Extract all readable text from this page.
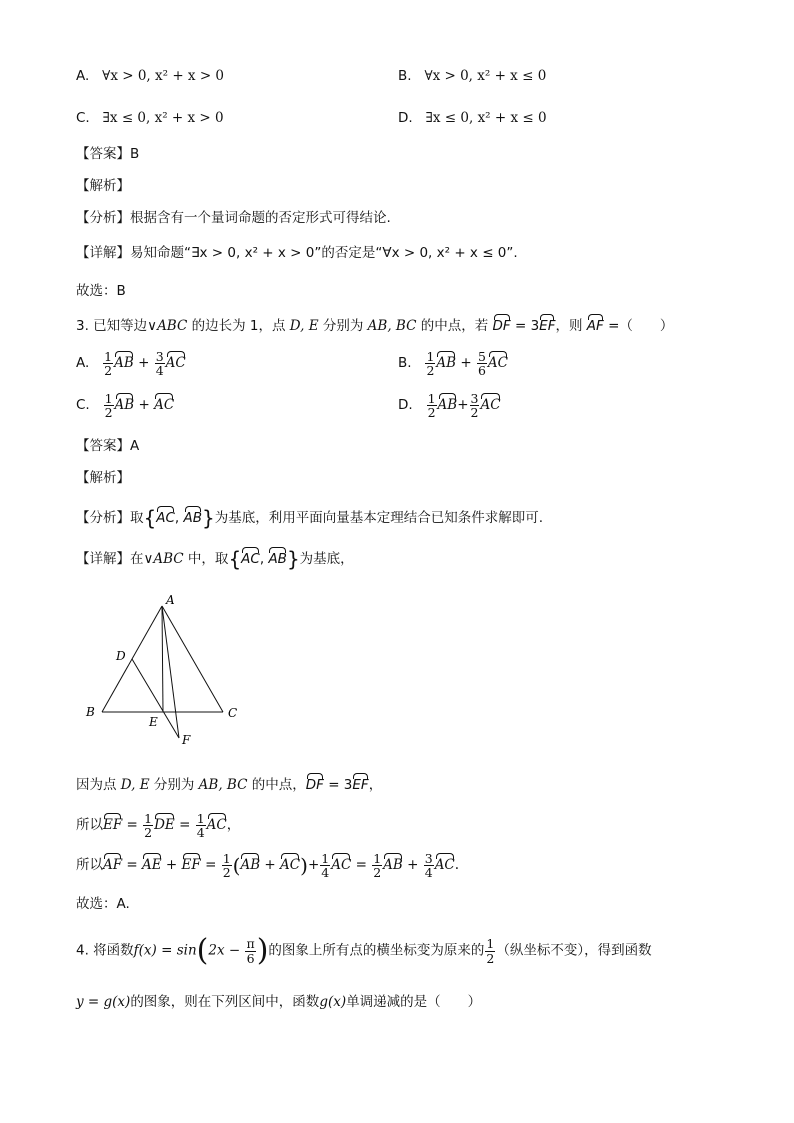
A. ∀x > 0, x² + x > 0	B. ∀x > 0, x² + x ≤ 0
C. ∃x ≤ 0, x² + x > 0	D. ∃x ≤ 0, x² + x ≤ 0
【答案】B
【解析】
【分析】根据含有一个量词命题的否定形式可得结论.
【详解】易知命题“∃x > 0, x² + x > 0”的否定是“∀x > 0, x² + x ≤ 0”.
故选：B
3. 已知等边∨ABC 的边长为 1，点 D, E 分别为 AB, BC 的中点，若 DF = 3EF，则 AF =（　　）
A. $\frac{1}{2}$ AB + $\frac{3}{4}$ AC	B. $\frac{1}{2}$ AB + $\frac{5}{6}$ AC
C. $\frac{1}{2}$ AB + AC	D. $\frac{1}{2} AB+ \frac{3}{2}$ AC
【答案】A
【解析】
【分析】取{AC, AB}为基底，利用平面向量基本定理结合已知条件求解即可.
【详解】在∨ABC 中，取{AC, AB}为基底，
A
B	C
D
E
F
因为点 D, E 分别为 AB, BC 的中点，DF = 3EF，
所以EF = $\frac{1}{2}$ DE = $\frac{1}{4}$ AC，
所以AF = AE + EF = $\frac{1}{2} (AB + AC)+ \frac{1}{4}$ AC = $\frac{1}{2}$ AB + $\frac{3}{4}$ AC.
故选：A.
4. 将函数$f(x) = \sin(2x - \frac{\pi}{6}$ )的图象上所有点的横坐标变为原来的 $\frac{1}{2}$ （纵坐标不变），得到函数
y = g(x)的图象，则在下列区间中，函数g(x)单调递减的是（　　）
